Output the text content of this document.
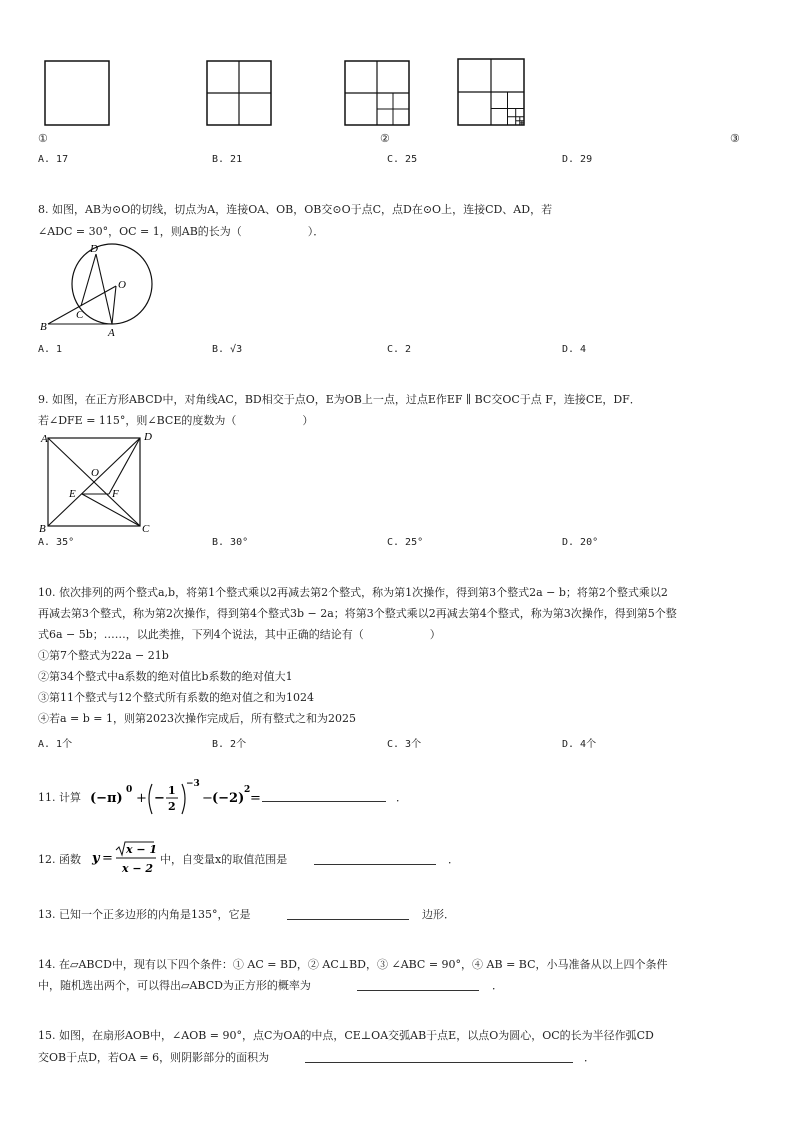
①	②	③
A. 17	B. 21	C. 25	D. 29
8. 如图，AB为⊙O的切线，切点为A，连接OA、OB，OB交⊙O于点C，点D在⊙O上，连接CD、AD，若
∠ADC = 30°，OC = 1，则AB的长为（　　　　　　）．
D
O
C
B	A
A. 1	B. √3	C. 2	D. 4
9. 如图，在正方形ABCD中，对角线AC，BD相交于点O，E为OB上一点，过点E作EF ∥ BC交OC于点 F，连接CE，DF．
若∠DFE = 115°，则∠BCE的度数为（　　　　　　）
A	D
O
E	F
B	C
A. 35°	B. 30°	C. 25°	D. 20°
10. 依次排列的两个整式a,b，将第1个整式乘以2再减去第2个整式，称为第1次操作，得到第3个整式2a − b；将第2个整式乘以2
再减去第3个整式，称为第2次操作，得到第4个整式3b − 2a；将第3个整式乘以2再减去第4个整式，称为第3次操作，得到第5个整
式6a − 5b；……，以此类推，下列4个说法，其中正确的结论有（　　　　　　）
①第7个整式为22a − 21b
②第34个整式中a系数的绝对值比b系数的绝对值大1
③第11个整式与12个整式所有系数的绝对值之和为1024
④若a = b = 1，则第2023次操作完成后，所有整式之和为2025
A. 1个	B. 2个	C. 3个	D. 4个
11. 计算 (−π)
0
+ −
1
2
−3
− (−2)
2
=	．
12. 函数 y =
x − 1
x − 2
中，自变量x的取值范围是	．
13. 已知一个正多边形的内角是135°，它是	边形．
14. 在▱ABCD中，现有以下四个条件：① AC = BD，② AC⊥BD，③ ∠ABC = 90°，④ AB = BC，小马准备从以上四个条件
中，随机选出两个，可以得出▱ABCD为正方形的概率为	．
15. 如图，在扇形AOB中，∠AOB = 90°，点C为OA的中点，CE⊥OA交弧AB于点E，以点O为圆心，OC的长为半径作弧CD
交OB于点D，若OA = 6，则阴影部分的面积为	．
